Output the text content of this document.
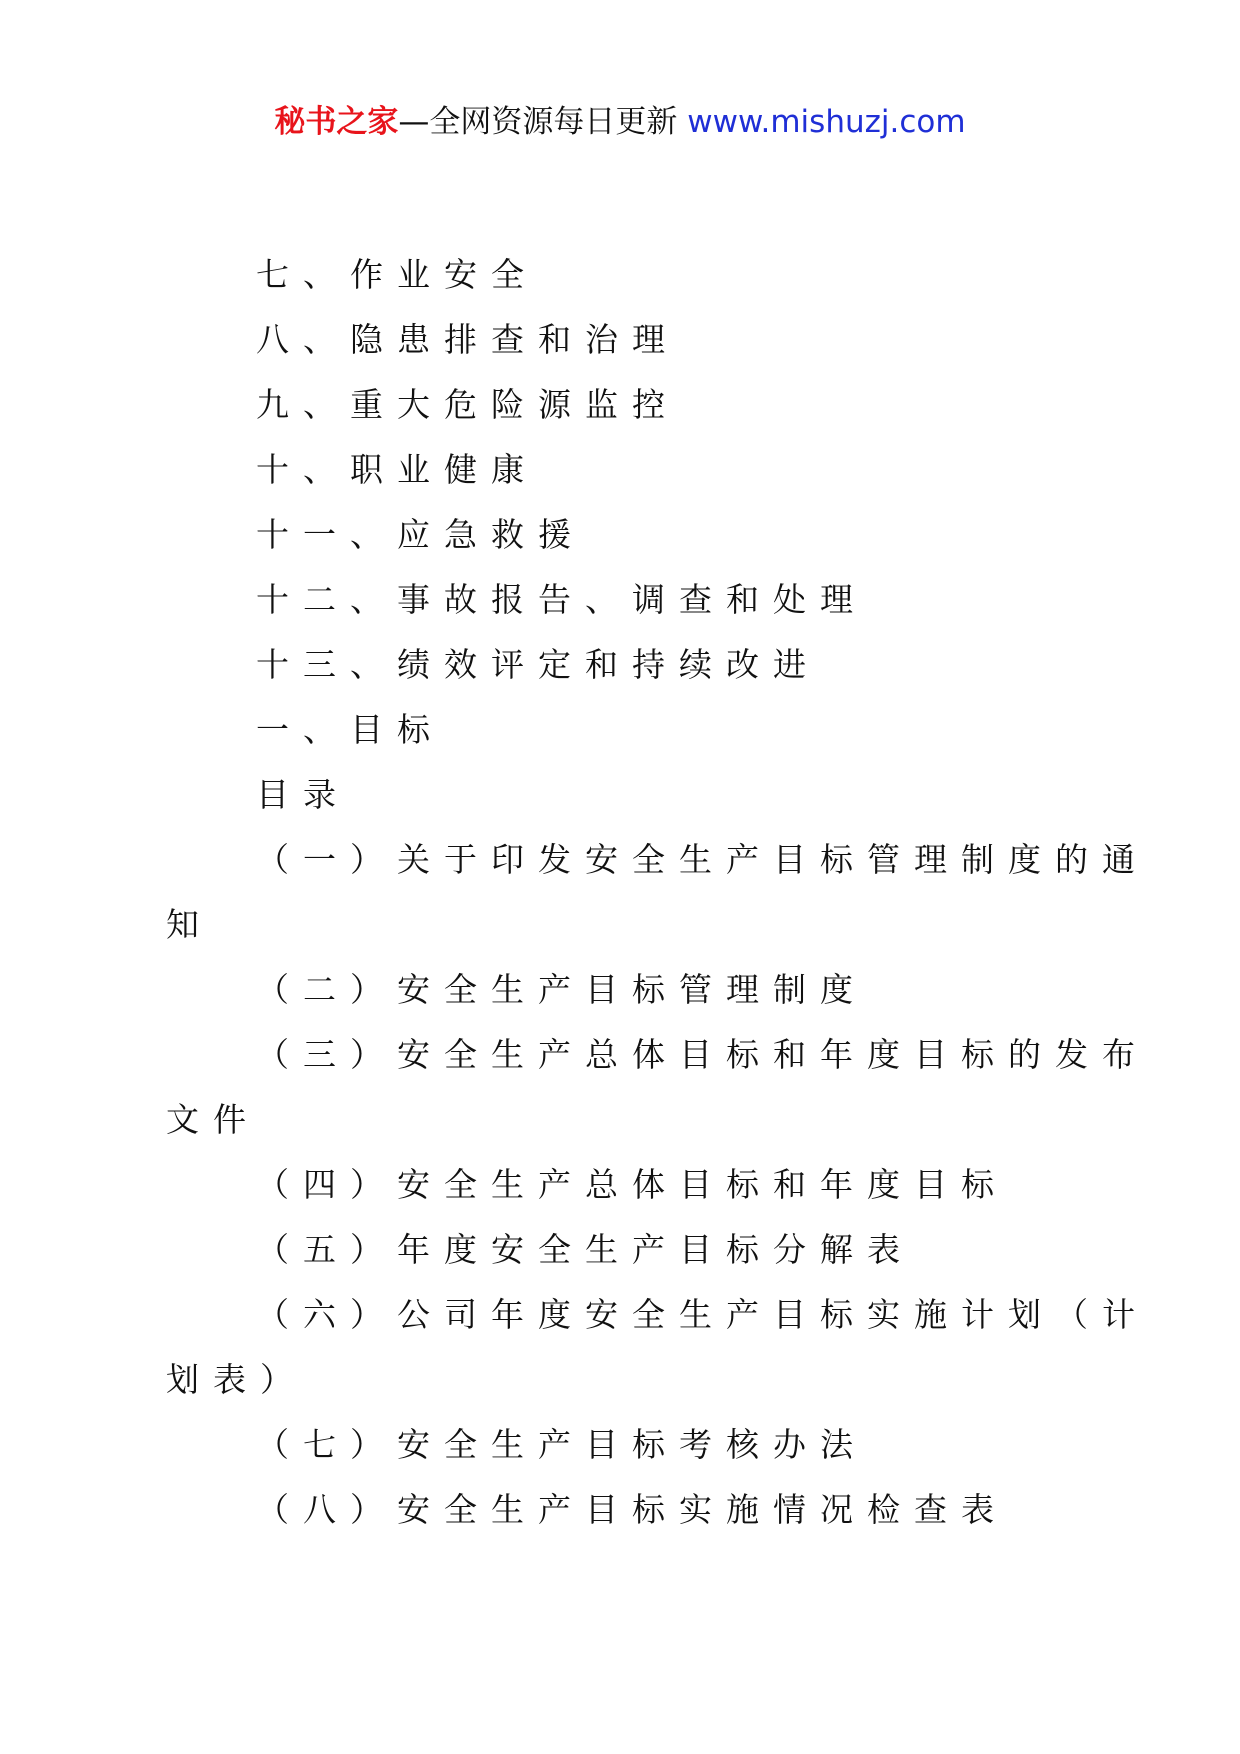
秘书之家—全网资源每日更新 www.mishuzj.com
七、作业安全
八、隐患排查和治理
九、重大危险源监控
十、职业健康
十一、应急救援
十二、事故报告、调查和处理
十三、绩效评定和持续改进
一、目标
目录
（一）关于印发安全生产目标管理制度的通
知
（二）安全生产目标管理制度
（三）安全生产总体目标和年度目标的发布
文件
（四）安全生产总体目标和年度目标
（五）年度安全生产目标分解表
（六）公司年度安全生产目标实施计划（计
划表）
（七）安全生产目标考核办法
（八）安全生产目标实施情况检查表
